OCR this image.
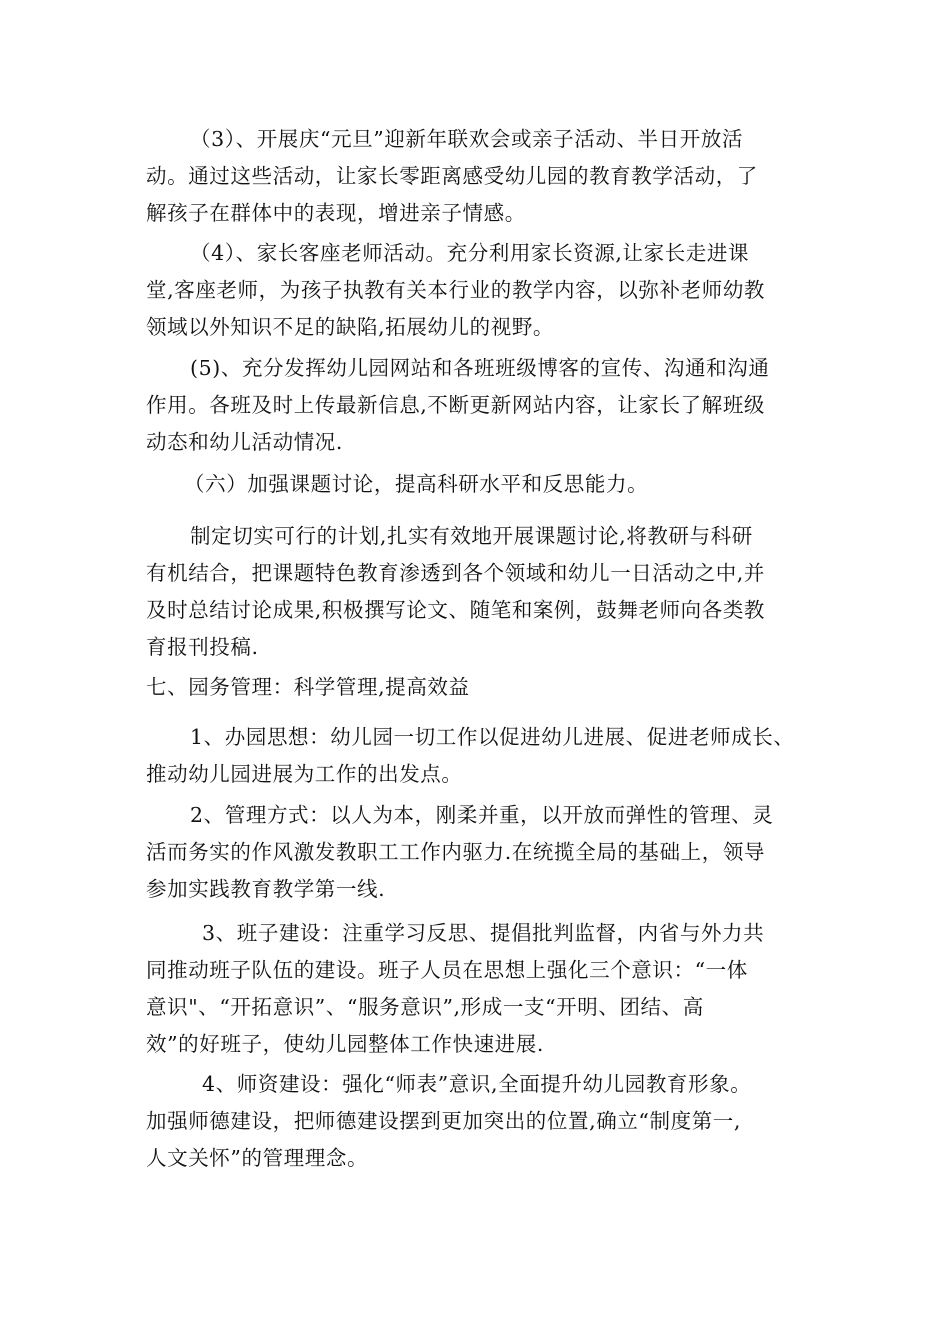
（3）、开展庆“元旦”迎新年联欢会或亲子活动、半日开放活
动。通过这些活动，让家长零距离感受幼儿园的教育教学活动，了
解孩子在群体中的表现，增进亲子情感。

（4）、家长客座老师活动。充分利用家长资源,让家长走进课
堂,客座老师，为孩子执教有关本行业的教学内容，以弥补老师幼教
领域以外知识不足的缺陷,拓展幼儿的视野。

(5)、充分发挥幼儿园网站和各班班级博客的宣传、沟通和沟通
作用。各班及时上传最新信息,不断更新网站内容，让家长了解班级
动态和幼儿活动情况.

（六）加强课题讨论，提高科研水平和反思能力。

制定切实可行的计划,扎实有效地开展课题讨论,将教研与科研
有机结合，把课题特色教育渗透到各个领域和幼儿一日活动之中,并
及时总结讨论成果,积极撰写论文、随笔和案例，鼓舞老师向各类教
育报刊投稿.

七、园务管理：科学管理,提高效益

1、办园思想：幼儿园一切工作以促进幼儿进展、促进老师成长、
推动幼儿园进展为工作的出发点。

2、管理方式：以人为本，刚柔并重，以开放而弹性的管理、灵
活而务实的作风激发教职工工作内驱力.在统揽全局的基础上，领导
参加实践教育教学第一线.

3、班子建设：注重学习反思、提倡批判监督，内省与外力共
同推动班子队伍的建设。班子人员在思想上强化三个意识：“一体
意识"、“开拓意识”、“服务意识”,形成一支“开明、团结、高
效”的好班子，使幼儿园整体工作快速进展.

4、师资建设：强化“师表”意识,全面提升幼儿园教育形象。
加强师德建设，把师德建设摆到更加突出的位置,确立“制度第一,
人文关怀”的管理理念。
